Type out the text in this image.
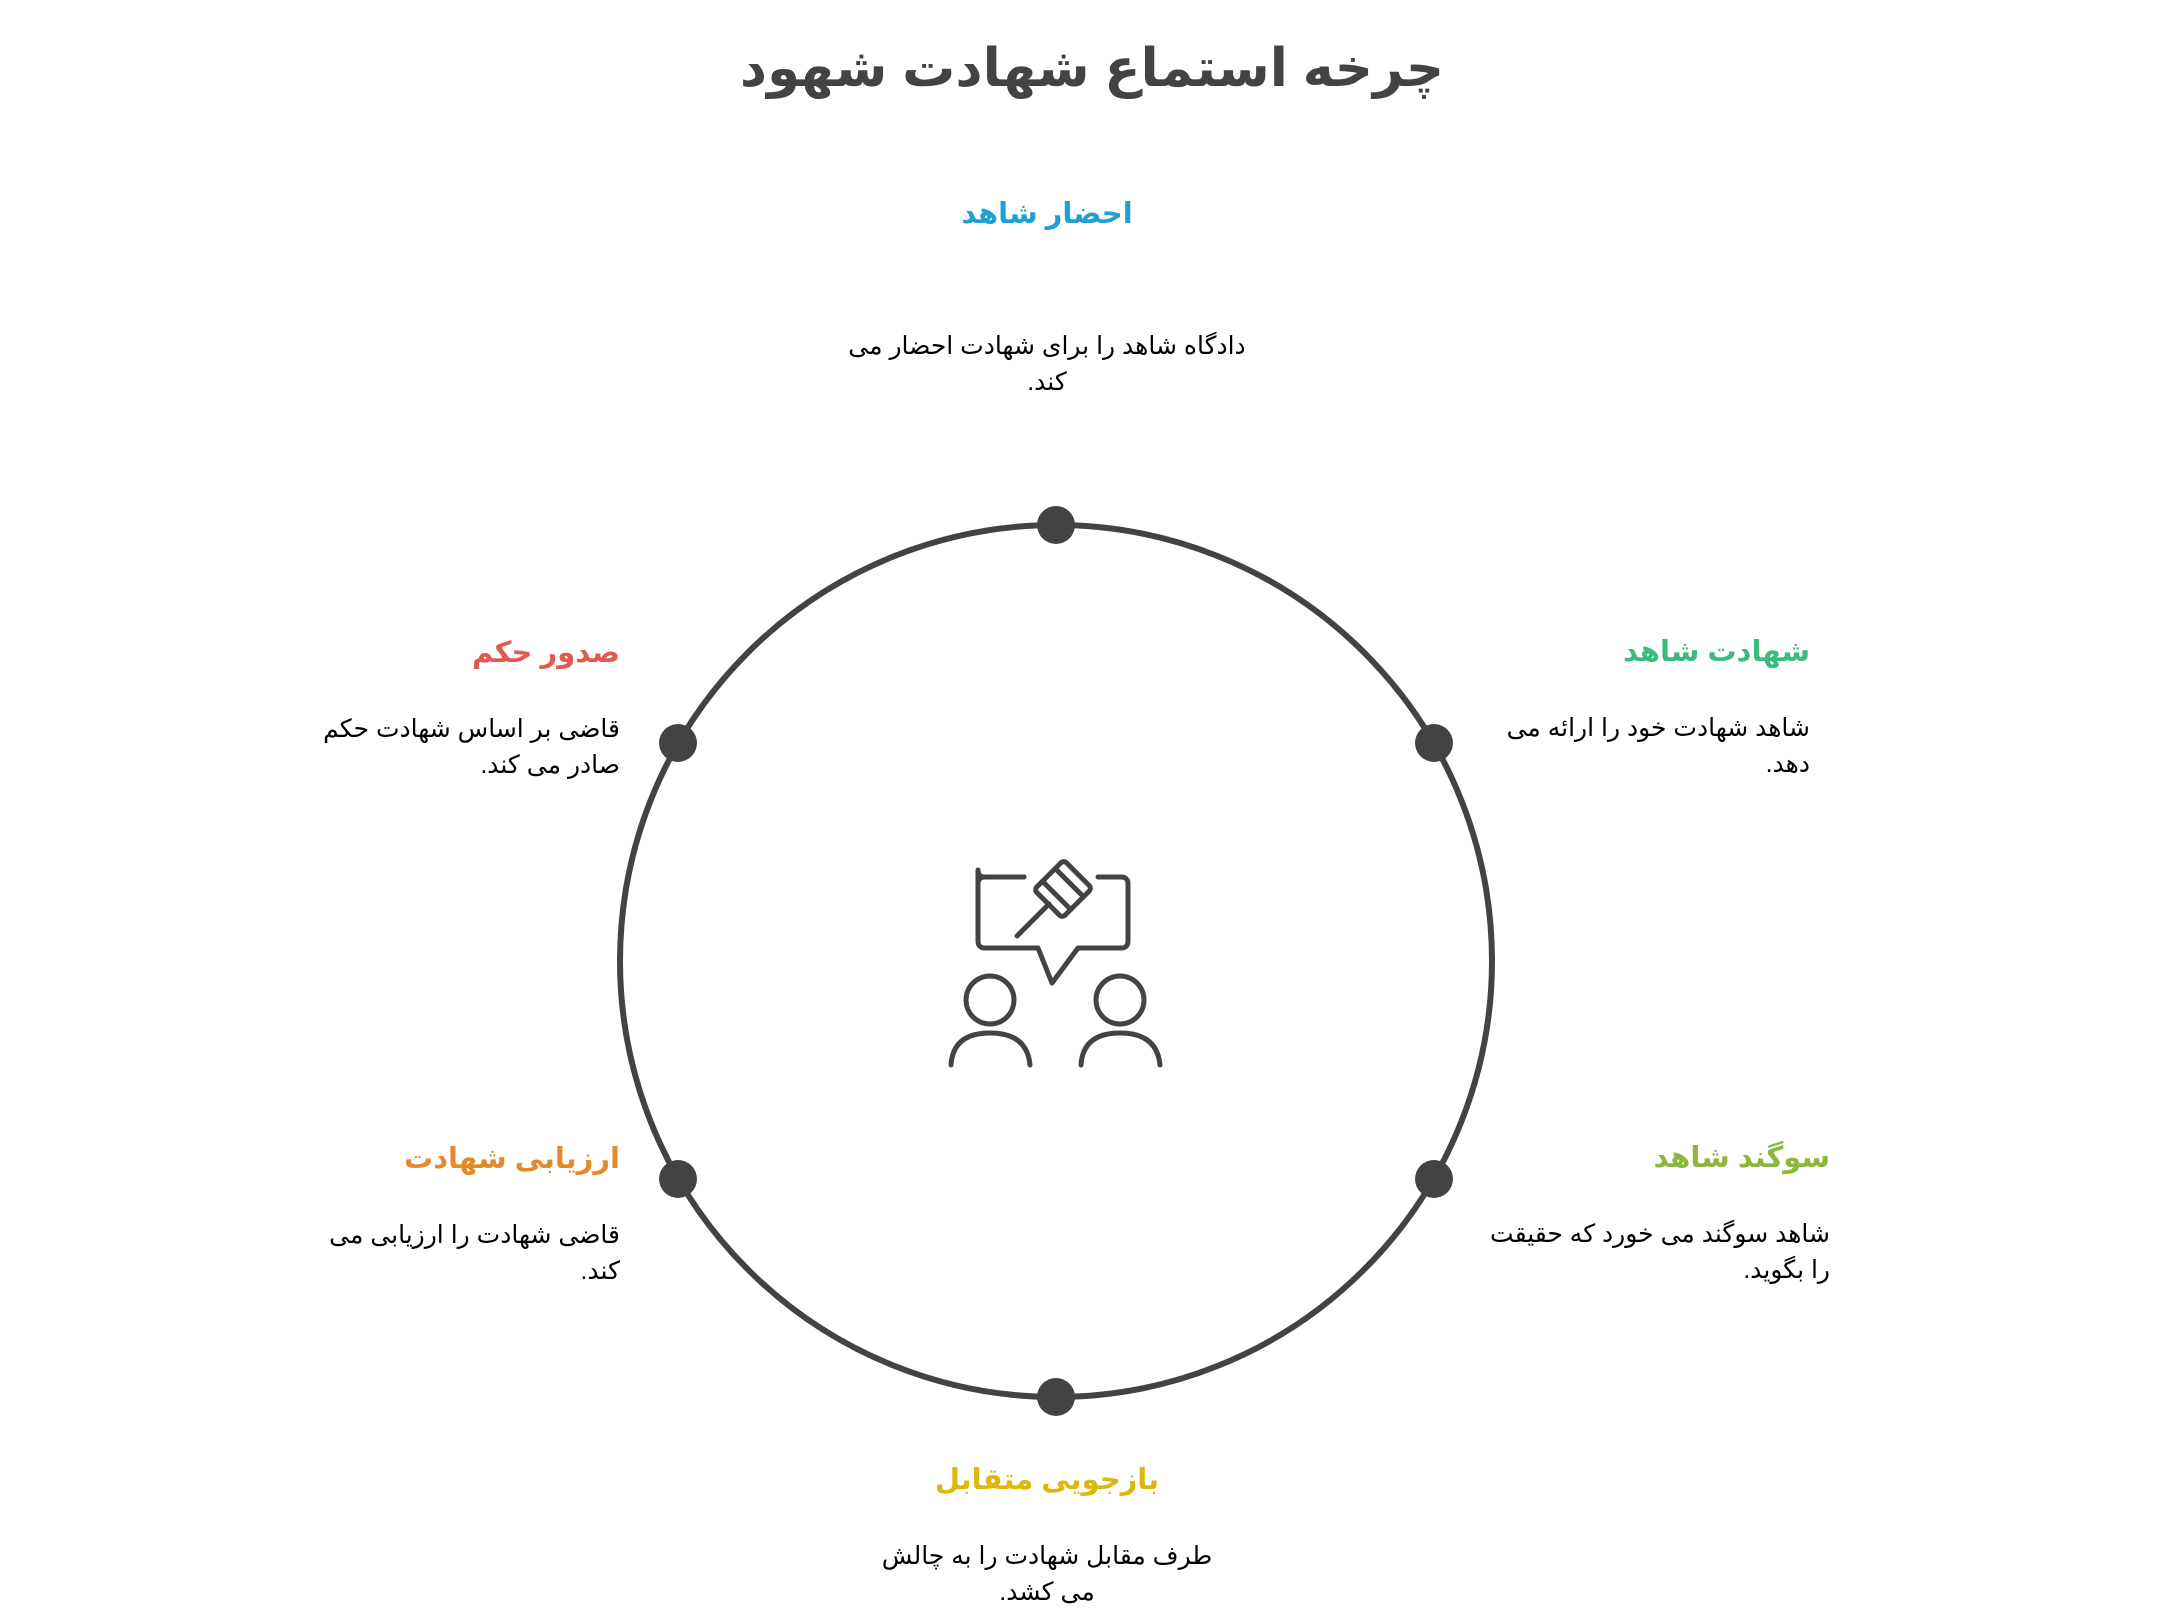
چرخه استماع شهادت شهود

احضار شاهد

دادگاه شاهد را برای شهادت احضار می
کند.

شهادت شاهد

شاهد شهادت خود را ارائه می
دهد.

سوگند شاهد

شاهد سوگند می خورد که حقیقت
را بگوید.

بازجویی متقابل

طرف مقابل شهادت را به چالش
می کشد.

ارزیابی شهادت

قاضی شهادت را ارزیابی می
کند.

صدور حکم

قاضی بر اساس شهادت حکم
صادر می کند.
